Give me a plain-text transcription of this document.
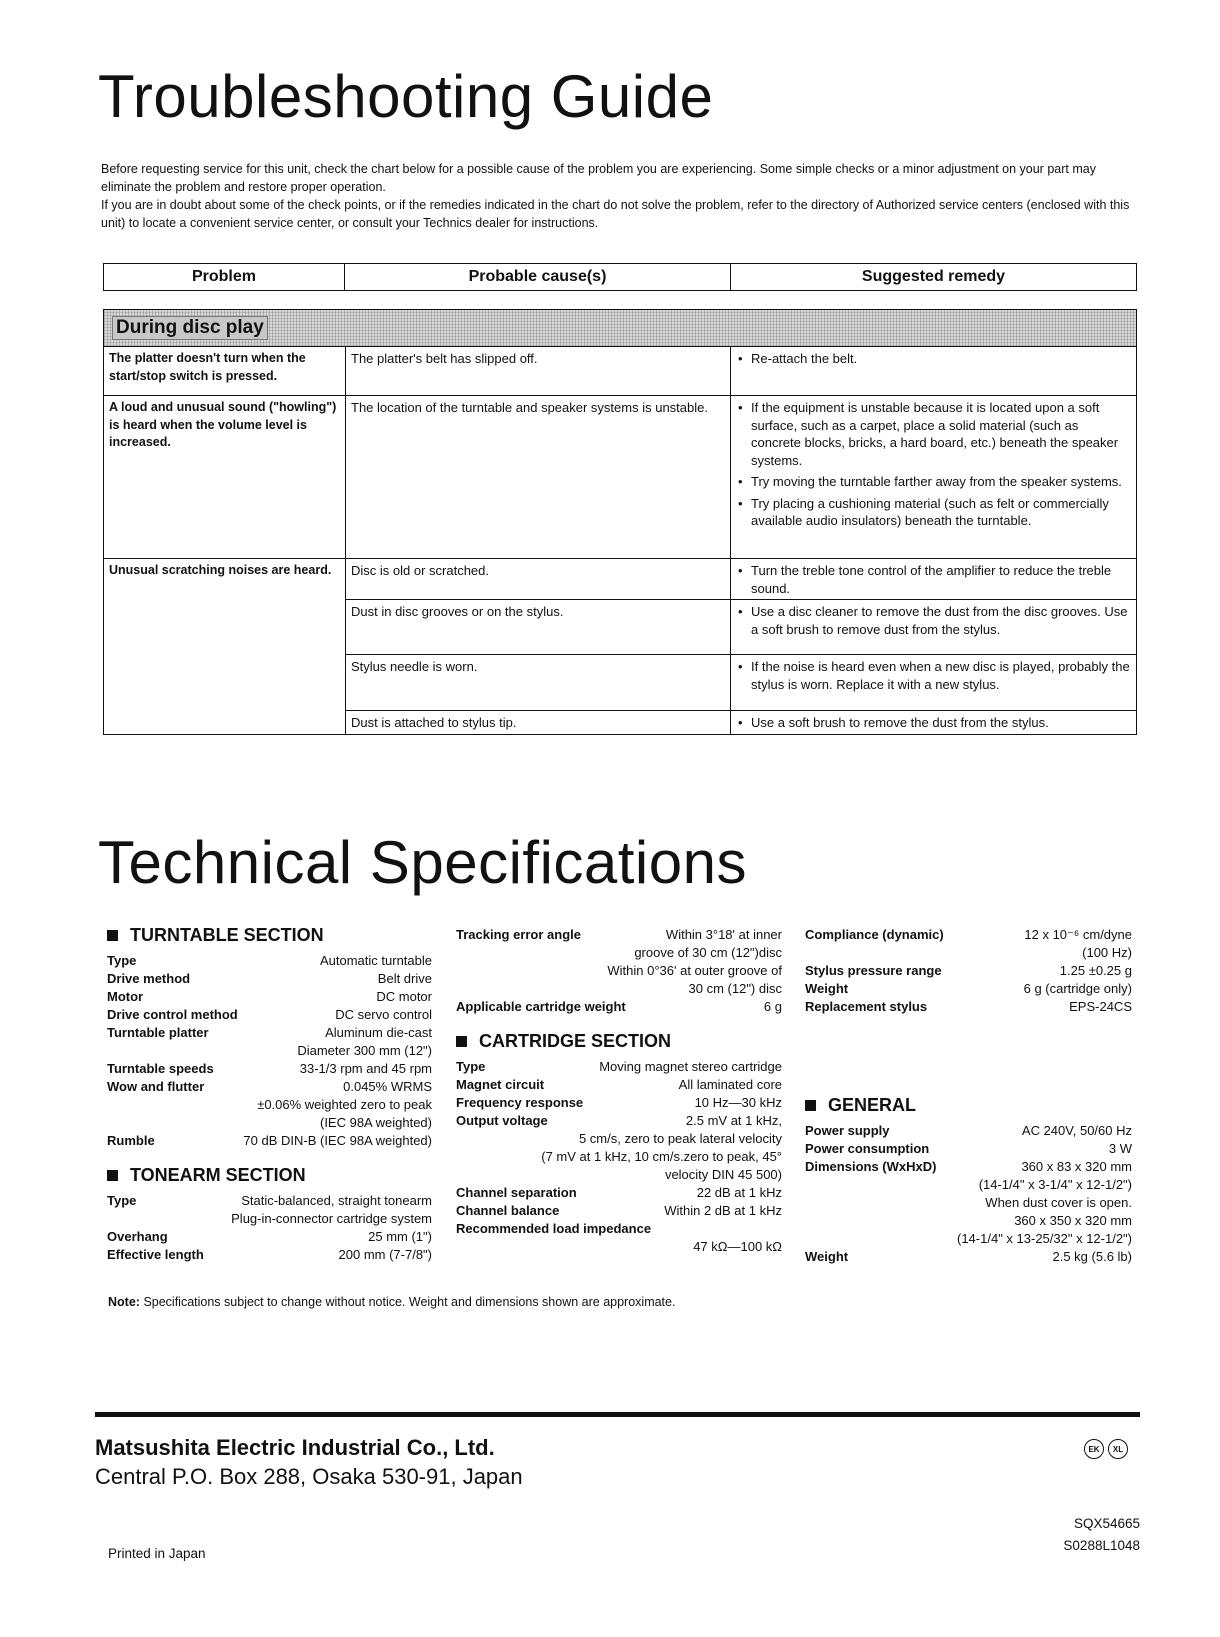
Troubleshooting Guide

Before requesting service for this unit, check the chart below for a possible cause of the problem you are experiencing. Some simple checks or a minor adjustment on your part may eliminate the problem and restore proper operation.

If you are in doubt about some of the check points, or if the remedies indicated in the chart do not solve the problem, refer to the directory of Authorized service centers (enclosed with this unit) to locate a convenient service center, or consult your Technics dealer for instructions.

Problem	Probable cause(s)	Suggested remedy
During disc play
The platter doesn't turn when the start/stop switch is pressed.	The platter's belt has slipped off.	• Re-attach the belt.

A loud and unusual sound ("howling") is heard when the volume level is increased.	The location of the turntable and speaker systems is unstable.	• If the equipment is unstable because it is located upon a soft surface, such as a carpet, place a solid material (such as concrete blocks, bricks, a hard board, etc.) beneath the speaker systems.
• Try moving the turntable farther away from the speaker systems.
• Try placing a cushioning material (such as felt or commercially available audio insulators) beneath the turntable.

Unusual scratching noises are heard.	Disc is old or scratched.	• Turn the treble tone control of the amplifier to reduce the treble sound.

	Dust in disc grooves or on the stylus.	• Use a disc cleaner to remove the dust from the disc grooves. Use a soft brush to remove dust from the stylus.

	Stylus needle is worn.	• If the noise is heard even when a new disc is played, probably the stylus is worn. Replace it with a new stylus.

	Dust is attached to stylus tip.	• Use a soft brush to remove the dust from the stylus.
Technical Specifications
TURNTABLE SECTION
Type	Automatic turntable
Drive method	Belt drive
Motor	DC motor
Drive control method	DC servo control
Turntable platter	Aluminum die-cast
Diameter 300 mm (12")
Turntable speeds	33-1/3 rpm and 45 rpm
Wow and flutter	0.045% WRMS
±0.06% weighted zero to peak
(IEC 98A weighted)
Rumble	70 dB DIN-B (IEC 98A weighted)
TONEARM SECTION
Type	Static-balanced, straight tonearm
Plug-in-connector cartridge system
Overhang	25 mm (1")
Effective length	200 mm (7-7/8")
Tracking error angle	Within 3°18' at inner
groove of 30 cm (12")disc
Within 0°36' at outer groove of
30 cm (12") disc
Applicable cartridge weight	6 g
CARTRIDGE SECTION
Type	Moving magnet stereo cartridge
Magnet circuit	All laminated core
Frequency response	10 Hz—30 kHz
Output voltage	2.5 mV at 1 kHz,
5 cm/s, zero to peak lateral velocity
(7 mV at 1 kHz, 10 cm/s.zero to peak, 45°
velocity DIN 45 500)
Channel separation	22 dB at 1 kHz
Channel balance	Within 2 dB at 1 kHz
Recommended load impedance
47 kΩ—100 kΩ
Compliance (dynamic)	12 x 10⁻⁶ cm/dyne
(100 Hz)
Stylus pressure range	1.25 ±0.25 g
Weight	6 g (cartridge only)
Replacement stylus	EPS-24CS
GENERAL
Power supply	AC 240V, 50/60 Hz
Power consumption	3 W
Dimensions (WxHxD)	360 x 83 x 320 mm
(14-1/4" x 3-1/4" x 12-1/2")
When dust cover is open.
360 x 350 x 320 mm
(14-1/4" x 13-25/32" x 12-1/2")
Weight	2.5 kg (5.6 lb)
Note: Specifications subject to change without notice. Weight and dimensions shown are approximate.
Matsushita Electric Industrial Co., Ltd.
Central P.O. Box 288, Osaka 530-91, Japan
EK	XL
SQX54665
S0288L1048
Printed in Japan
